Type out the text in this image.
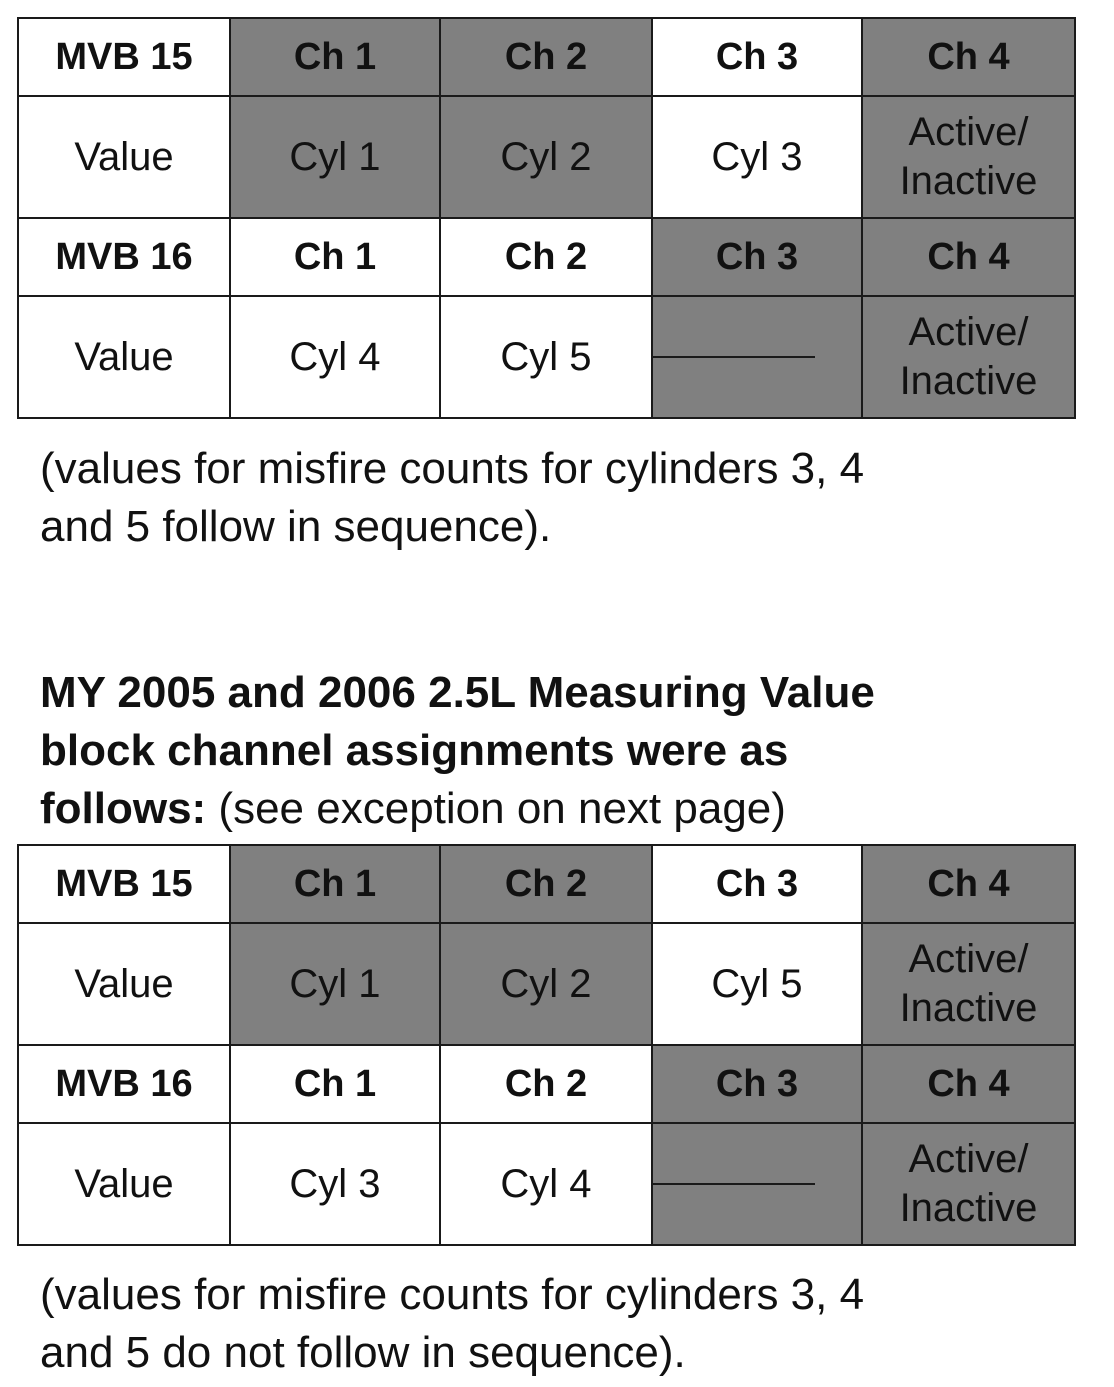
MVB 15	Ch 1	Ch 2	Ch 3	Ch 4
Value	Cyl 1	Cyl 2	Cyl 3	Active/
Inactive

MVB 16	Ch 1	Ch 2	Ch 3	Ch 4
Value	Cyl 4	Cyl 5		Active/
Inactive

(values for misfire counts for cylinders 3, 4
and 5 follow in sequence).

MY 2005 and 2006 2.5L Measuring Value
block channel assignments were as
follows: (see exception on next page)

MVB 15	Ch 1	Ch 2	Ch 3	Ch 4
Value	Cyl 1	Cyl 2	Cyl 5	Active/
Inactive

MVB 16	Ch 1	Ch 2	Ch 3	Ch 4
Value	Cyl 3	Cyl 4		Active/
Inactive

(values for misfire counts for cylinders 3, 4
and 5 do not follow in sequence).
